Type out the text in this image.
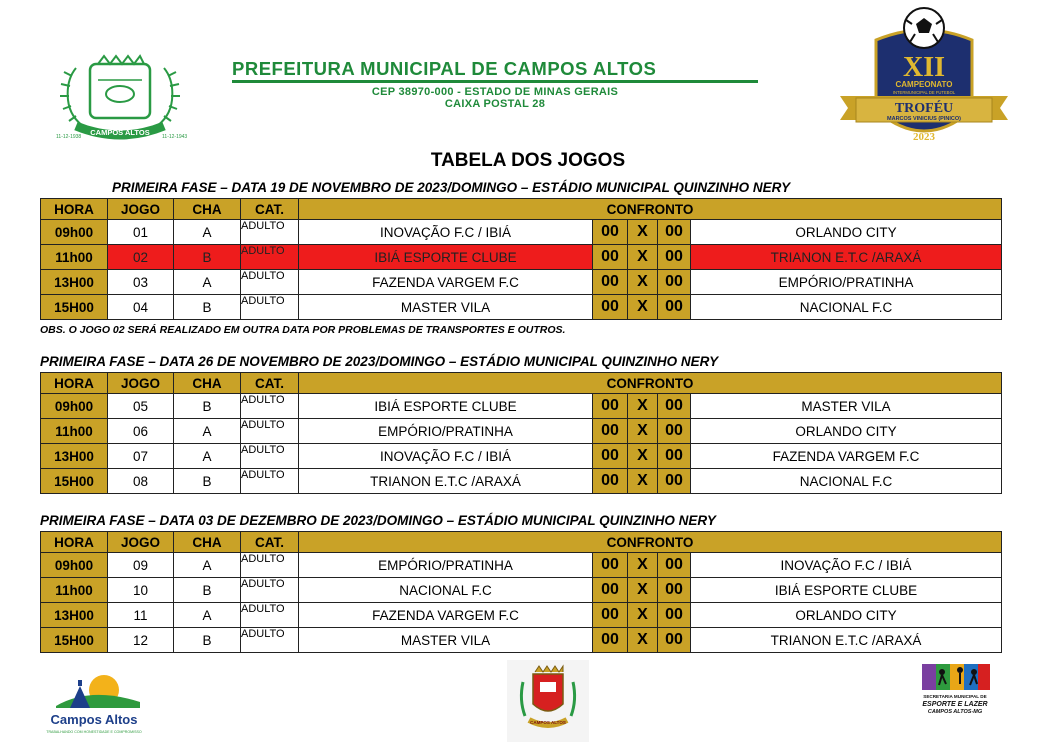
CAMPOS ALTOS
11-12-1938	11-12-1943
PREFEITURA MUNICIPAL DE CAMPOS ALTOS
CEP 38970-000 - ESTADO DE MINAS GERAIS
CAIXA POSTAL 28
XII
CAMPEONATO
INTERMUNICIPAL DE FUTEBOL
TROFÉU
MARCOS VINICIUS (PINICO)
2023
TABELA DOS JOGOS
PRIMEIRA FASE – DATA 19 DE NOVEMBRO DE 2023/DOMINGO – ESTÁDIO MUNICIPAL QUINZINHO NERY
HORA	JOGO	CHA	CAT.	CONFRONTO				
09h00	01	A	ADULTO	INOVAÇÃO F.C / IBIÁ	00	X	00	ORLANDO CITY
11h00	02	B	ADULTO	IBIÁ ESPORTE CLUBE	00	X	00	TRIANON E.T.C /ARAXÁ
13H00	03	A	ADULTO	FAZENDA VARGEM F.C	00	X	00	EMPÓRIO/PRATINHA
15H00	04	B	ADULTO	MASTER VILA	00	X	00	NACIONAL F.C
OBS. O JOGO 02 SERÁ REALIZADO EM OUTRA DATA POR PROBLEMAS DE TRANSPORTES E OUTROS.
PRIMEIRA FASE – DATA 26 DE NOVEMBRO DE 2023/DOMINGO – ESTÁDIO MUNICIPAL QUINZINHO NERY
HORA	JOGO	CHA	CAT.	CONFRONTO				
09h00	05	B	ADULTO	IBIÁ ESPORTE CLUBE	00	X	00	MASTER VILA
11h00	06	A	ADULTO	EMPÓRIO/PRATINHA	00	X	00	ORLANDO CITY
13H00	07	A	ADULTO	INOVAÇÃO F.C / IBIÁ	00	X	00	FAZENDA VARGEM F.C
15H00	08	B	ADULTO	TRIANON E.T.C /ARAXÁ	00	X	00	NACIONAL F.C
PRIMEIRA FASE – DATA 03 DE DEZEMBRO DE 2023/DOMINGO – ESTÁDIO MUNICIPAL QUINZINHO NERY
HORA	JOGO	CHA	CAT.	CONFRONTO				
09h00	09	A	ADULTO	EMPÓRIO/PRATINHA	00	X	00	INOVAÇÃO F.C / IBIÁ
11h00	10	B	ADULTO	NACIONAL F.C	00	X	00	IBIÁ ESPORTE CLUBE
13H00	11	A	ADULTO	FAZENDA VARGEM F.C	00	X	00	ORLANDO CITY
15H00	12	B	ADULTO	MASTER VILA	00	X	00	TRIANON E.T.C /ARAXÁ
Campos Altos
TRABALHANDO COM HONESTIDADE E COMPROMISSO
CAMPOS ALTOS
SECRETARIA MUNICIPAL DE
ESPORTE E LAZER
CAMPOS ALTOS-MG
